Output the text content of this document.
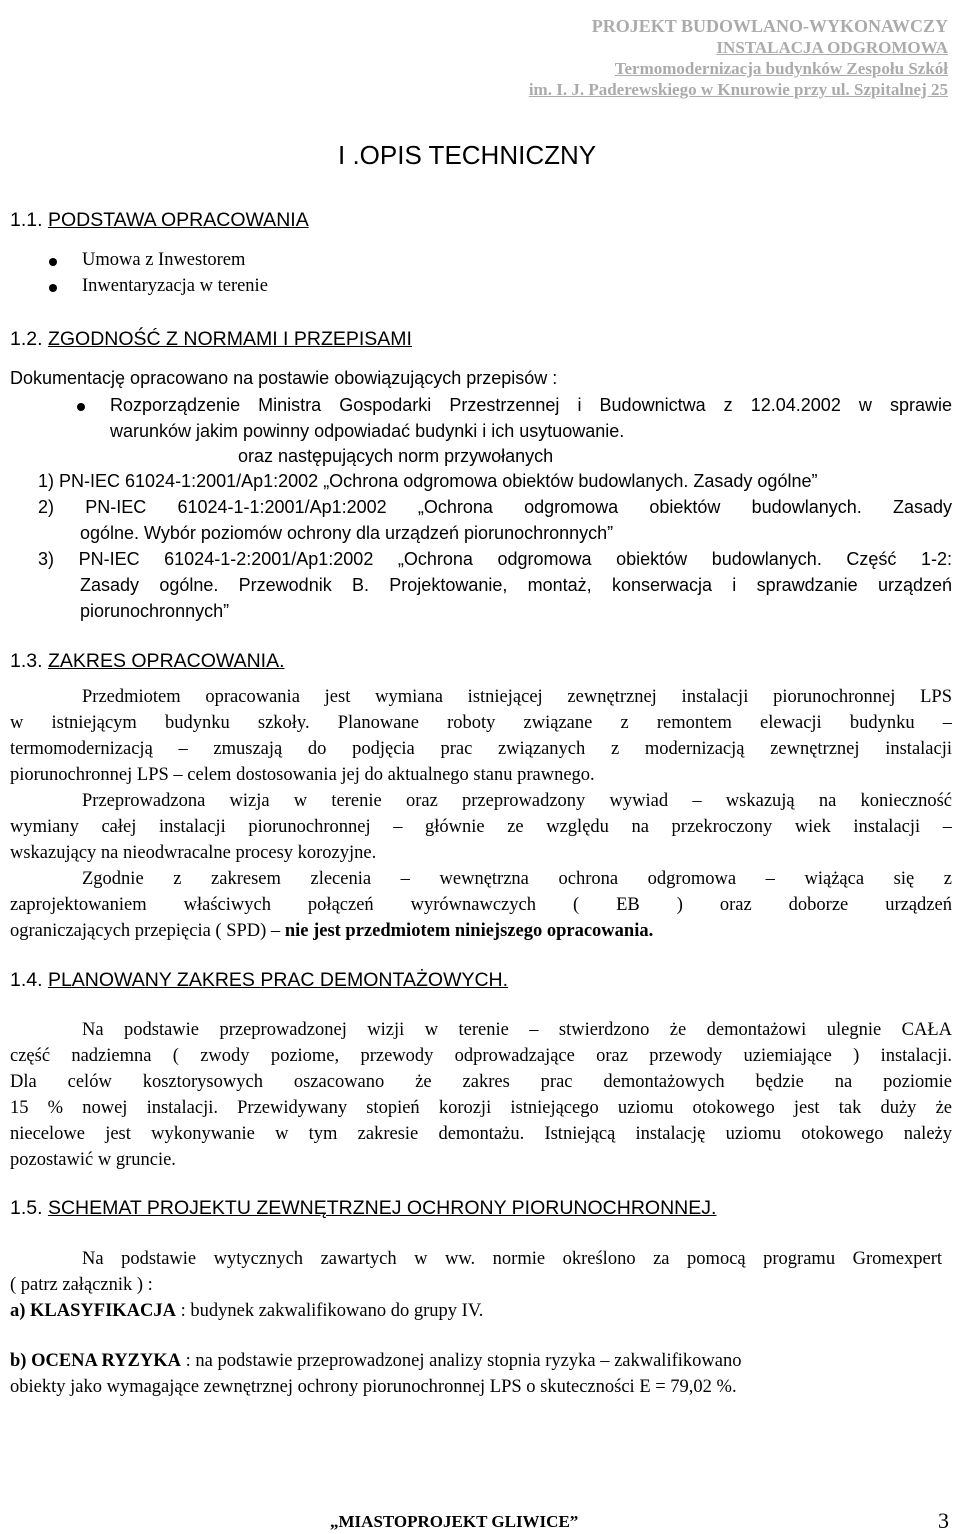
PROJEKT BUDOWLANO-WYKONAWCZY
INSTALACJA ODGROMOWA
Termomodernizacja budynków Zespołu Szkół
im. I. J. Paderewskiego w Knurowie przy ul. Szpitalnej 25
I .OPIS TECHNICZNY
1.1. PODSTAWA OPRACOWANIA
Umowa z Inwestorem
Inwentaryzacja w terenie
1.2. ZGODNOŚĆ Z NORMAMI I PRZEPISAMI
Dokumentację opracowano na postawie obowiązujących przepisów :
Rozporządzenie Ministra Gospodarki Przestrzennej i Budownictwa z 12.04.2002 w sprawie
warunków jakim powinny odpowiadać budynki i ich usytuowanie.
oraz następujących norm przywołanych
1) PN-IEC 61024-1:2001/Ap1:2002 „Ochrona odgromowa obiektów budowlanych. Zasady ogólne”
2) PN-IEC 61024-1-1:2001/Ap1:2002 „Ochrona odgromowa obiektów budowlanych. Zasady
ogólne. Wybór poziomów ochrony dla urządzeń piorunochronnych”
3) PN-IEC 61024-1-2:2001/Ap1:2002 „Ochrona odgromowa obiektów budowlanych. Część 1-2:
Zasady ogólne. Przewodnik B. Projektowanie, montaż, konserwacja i sprawdzanie urządzeń
piorunochronnych”
1.3. ZAKRES OPRACOWANIA.
Przedmiotem opracowania jest wymiana istniejącej zewnętrznej instalacji piorunochronnej LPS
w istniejącym budynku szkoły. Planowane roboty związane z remontem elewacji budynku –
termomodernizacją – zmuszają do podjęcia prac związanych z modernizacją zewnętrznej instalacji
piorunochronnej LPS – celem dostosowania jej do aktualnego stanu prawnego.
Przeprowadzona wizja w terenie oraz przeprowadzony wywiad – wskazują na konieczność
wymiany całej instalacji piorunochronnej – głównie ze względu na przekroczony wiek instalacji –
wskazujący na nieodwracalne procesy korozyjne.
Zgodnie z zakresem zlecenia – wewnętrzna ochrona odgromowa – wiążąca się z
zaprojektowaniem właściwych połączeń wyrównawczych ( EB ) oraz doborze urządzeń
ograniczających przepięcia ( SPD) – nie jest przedmiotem niniejszego opracowania.
1.4. PLANOWANY ZAKRES PRAC DEMONTAŻOWYCH.
Na podstawie przeprowadzonej wizji w terenie – stwierdzono że demontażowi ulegnie CAŁA
część nadziemna ( zwody poziome, przewody odprowadzające oraz przewody uziemiające ) instalacji.
Dla celów kosztorysowych oszacowano że zakres prac demontażowych będzie na poziomie
15 % nowej instalacji. Przewidywany stopień korozji istniejącego uziomu otokowego jest tak duży że
niecelowe jest wykonywanie w tym zakresie demontażu. Istniejącą instalację uziomu otokowego należy
pozostawić w gruncie.
1.5. SCHEMAT PROJEKTU ZEWNĘTRZNEJ OCHRONY PIORUNOCHRONNEJ.
Na podstawie wytycznych zawartych w ww. normie określono za pomocą programu Gromexpert
( patrz załącznik ) :
a) KLASYFIKACJA : budynek zakwalifikowano do grupy IV.
b) OCENA RYZYKA : na podstawie przeprowadzonej analizy stopnia ryzyka – zakwalifikowano
obiekty jako wymagające zewnętrznej ochrony piorunochronnej LPS o skuteczności E = 79,02 %.
„MIASTOPROJEKT GLIWICE”	3
